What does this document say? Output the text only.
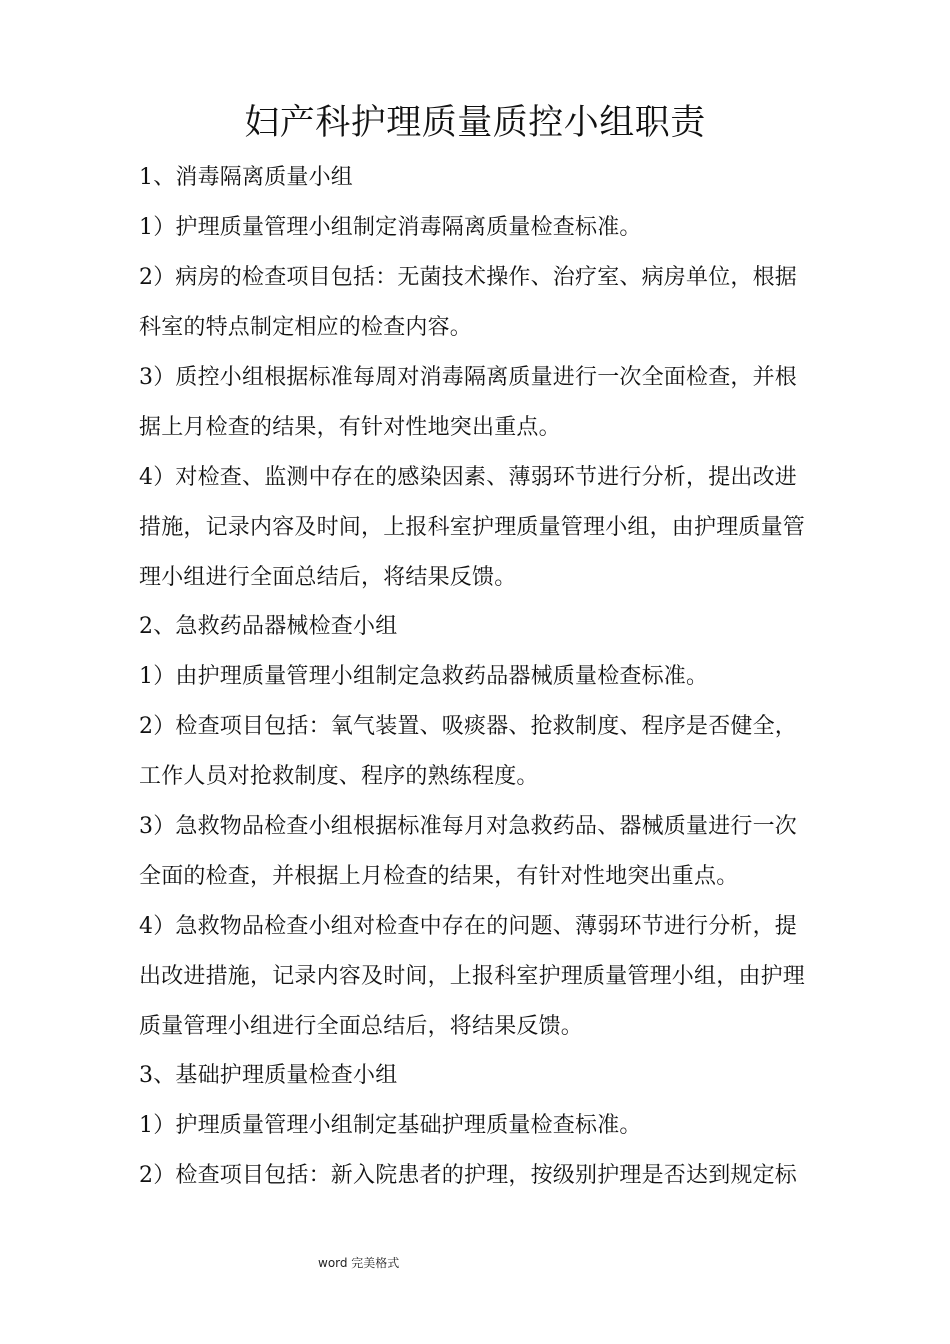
妇产科护理质量质控小组职责
1、消毒隔离质量小组
1）护理质量管理小组制定消毒隔离质量检查标准。
2）病房的检查项目包括：无菌技术操作、治疗室、病房单位，根据
科室的特点制定相应的检查内容。
3）质控小组根据标准每周对消毒隔离质量进行一次全面检查，并根
据上月检查的结果，有针对性地突出重点。
4）对检查、监测中存在的感染因素、薄弱环节进行分析，提出改进
措施，记录内容及时间，上报科室护理质量管理小组，由护理质量管
理小组进行全面总结后，将结果反馈。
2、急救药品器械检查小组
1）由护理质量管理小组制定急救药品器械质量检查标准。
2）检查项目包括：氧气装置、吸痰器、抢救制度、程序是否健全，
工作人员对抢救制度、程序的熟练程度。
3）急救物品检查小组根据标准每月对急救药品、器械质量进行一次
全面的检查，并根据上月检查的结果，有针对性地突出重点。
4）急救物品检查小组对检查中存在的问题、薄弱环节进行分析，提
出改进措施，记录内容及时间，上报科室护理质量管理小组，由护理
质量管理小组进行全面总结后，将结果反馈。
3、基础护理质量检查小组
1）护理质量管理小组制定基础护理质量检查标准。
2）检查项目包括：新入院患者的护理，按级别护理是否达到规定标
word 完美格式
